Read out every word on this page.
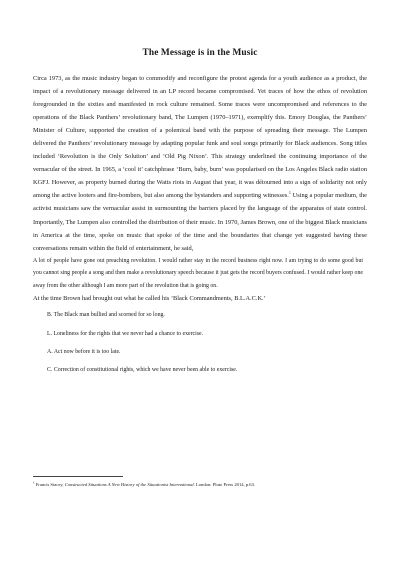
The Message is in the Music

Circa 1973, as the music industry began to commodify and reconfigure the protest agenda for a youth audience as a product, the impact of a revolutionary message delivered in an LP record became compromised. Yet traces of how the ethos of revolution foregrounded in the sixties and manifested in rock culture remained. Some traces were uncompromised and references to the operations of the Black Panthers’ revolutionary band, The Lumpen (1970–1971), exemplify this. Emory Douglas, the Panthers’ Minister of Culture, supported the creation of a polemical band with the purpose of spreading their message. The Lumpen delivered the Panthers’ revolutionary message by adapting popular funk and soul songs primarily for Black audiences. Song titles included ‘Revolution is the Only Solution’ and ‘Old Pig Nixon’. This strategy underlined the continuing importance of the vernacular of the street. In 1965, a ‘cool it’ catchphrase ‘Burn, baby, burn’ was popularised on the Los Angeles Black radio station KGFJ. However, as property burned during the Watts riots in August that year, it was détourned into a sign of solidarity not only among the active looters and fire-bombers, but also among the bystanders and supporting witnesses.$^1$ Using a popular medium, the activist musicians saw the vernacular assist in surmounting the barriers placed by the language of the apparatus of state control. Importantly, The Lumpen also controlled the distribution of their music. In 1970, James Brown, one of the biggest Black musicians in America at the time, spoke on music that spoke of the time and the boundaries that change yet suggested having these conversations remain within the field of entertainment, he said,

A lot of people have gone out preaching revolution. I would rather stay in the record business right now. I am trying to do some good but you cannot sing people a song and then make a revolutionary speech because it just gets the record buyers confused. I would rather keep one away from the other although I am more part of the revolution that is going on.

At the time Brown had brought out what he called his ‘Black Commandments, B.L.A.C.K.’

B. The Black man bullied and scorned for so long.
L. Loneliness for the rights that we never had a chance to exercise.
A. Act now before it is too late.
C. Correction of constitutional rights, which we have never been able to exercise.
$^1$ Francis Stacey, Constructed Situations A New History of the Situationist International. London: Pluto Press 2014, p.63.
